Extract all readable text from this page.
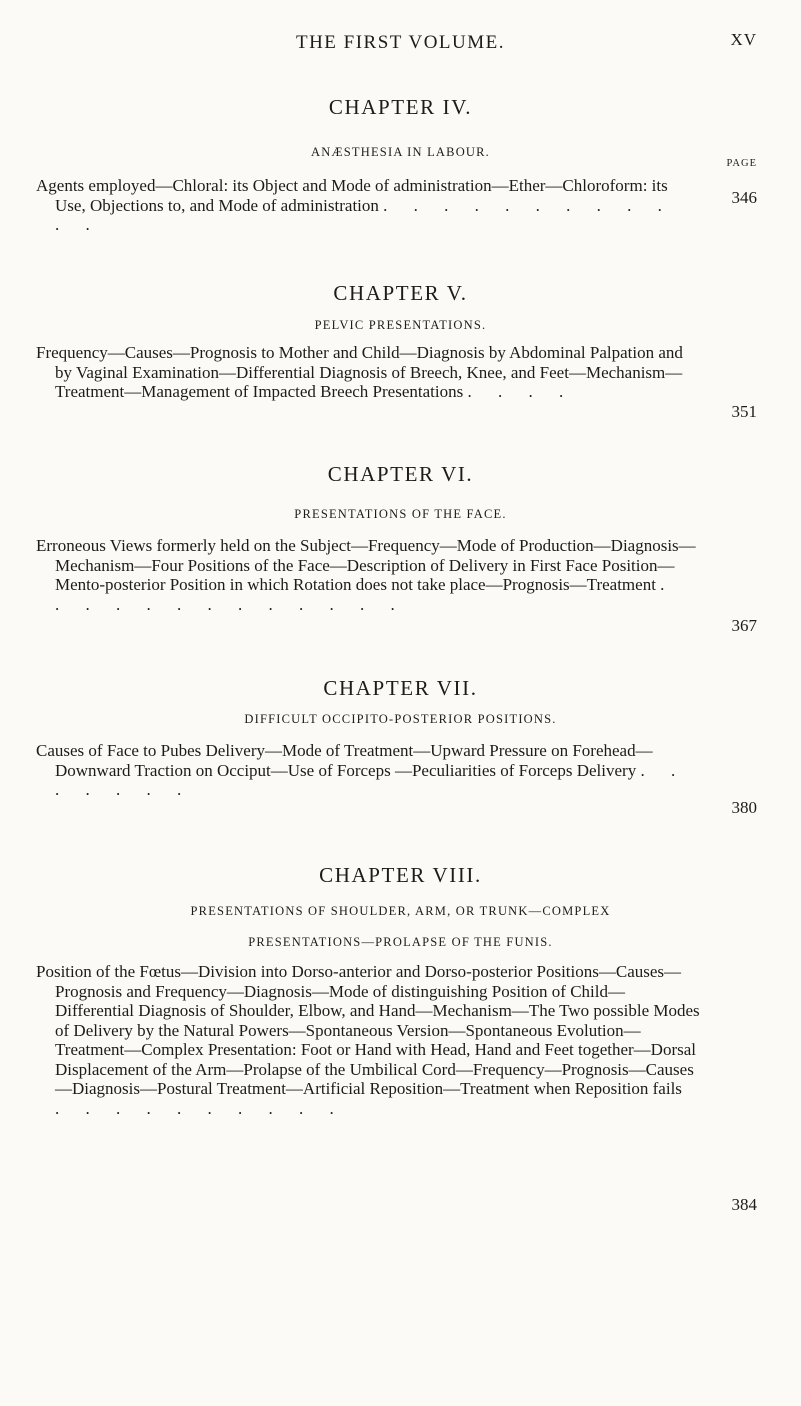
THE FIRST VOLUME.	XV
CHAPTER IV.
ANÆSTHESIA IN LABOUR.
PAGE
Agents employed—Chloral: its Object and Mode of administration—Ether—Chloroform: its Use, Objections to, and Mode of administration . . . . . . . . . . . .
346
CHAPTER V.
PELVIC PRESENTATIONS.
Frequency—Causes—Prognosis to Mother and Child—Diagnosis by Abdominal Palpation and by Vaginal Examination—Differential Diagnosis of Breech, Knee, and Feet—Mechanism—Treatment—Management of Impacted Breech Presentations . . . .
351
CHAPTER VI.
PRESENTATIONS OF THE FACE.
Erroneous Views formerly held on the Subject—Frequency—Mode of Production—Diagnosis—Mechanism—Four Positions of the Face—Description of Delivery in First Face Position—Mento-posterior Position in which Rotation does not take place—Prognosis—Treatment . . . . . . . . . . . . .
367
CHAPTER VII.
DIFFICULT OCCIPITO-POSTERIOR POSITIONS.
Causes of Face to Pubes Delivery—Mode of Treatment—Upward Pressure on Forehead—Downward Traction on Occiput—Use of Forceps —Peculiarities of Forceps Delivery . . . . . . .
380
CHAPTER VIII.
PRESENTATIONS OF SHOULDER, ARM, OR TRUNK—COMPLEX
PRESENTATIONS—PROLAPSE OF THE FUNIS.
Position of the Fœtus—Division into Dorso-anterior and Dorso-posterior Positions—Causes—Prognosis and Frequency—Diagnosis—Mode of distinguishing Position of Child—Differential Diagnosis of Shoulder, Elbow, and Hand—Mechanism—The Two possible Modes of Delivery by the Natural Powers—Spontaneous Version—Spontaneous Evolution—Treatment—Complex Presentation: Foot or Hand with Head, Hand and Feet together—Dorsal Displacement of the Arm—Prolapse of the Umbilical Cord—Frequency—Prognosis—Causes—Diagnosis—Postural Treatment—Artificial Reposition—Treatment when Reposition fails . . . . . . . . . .
384
